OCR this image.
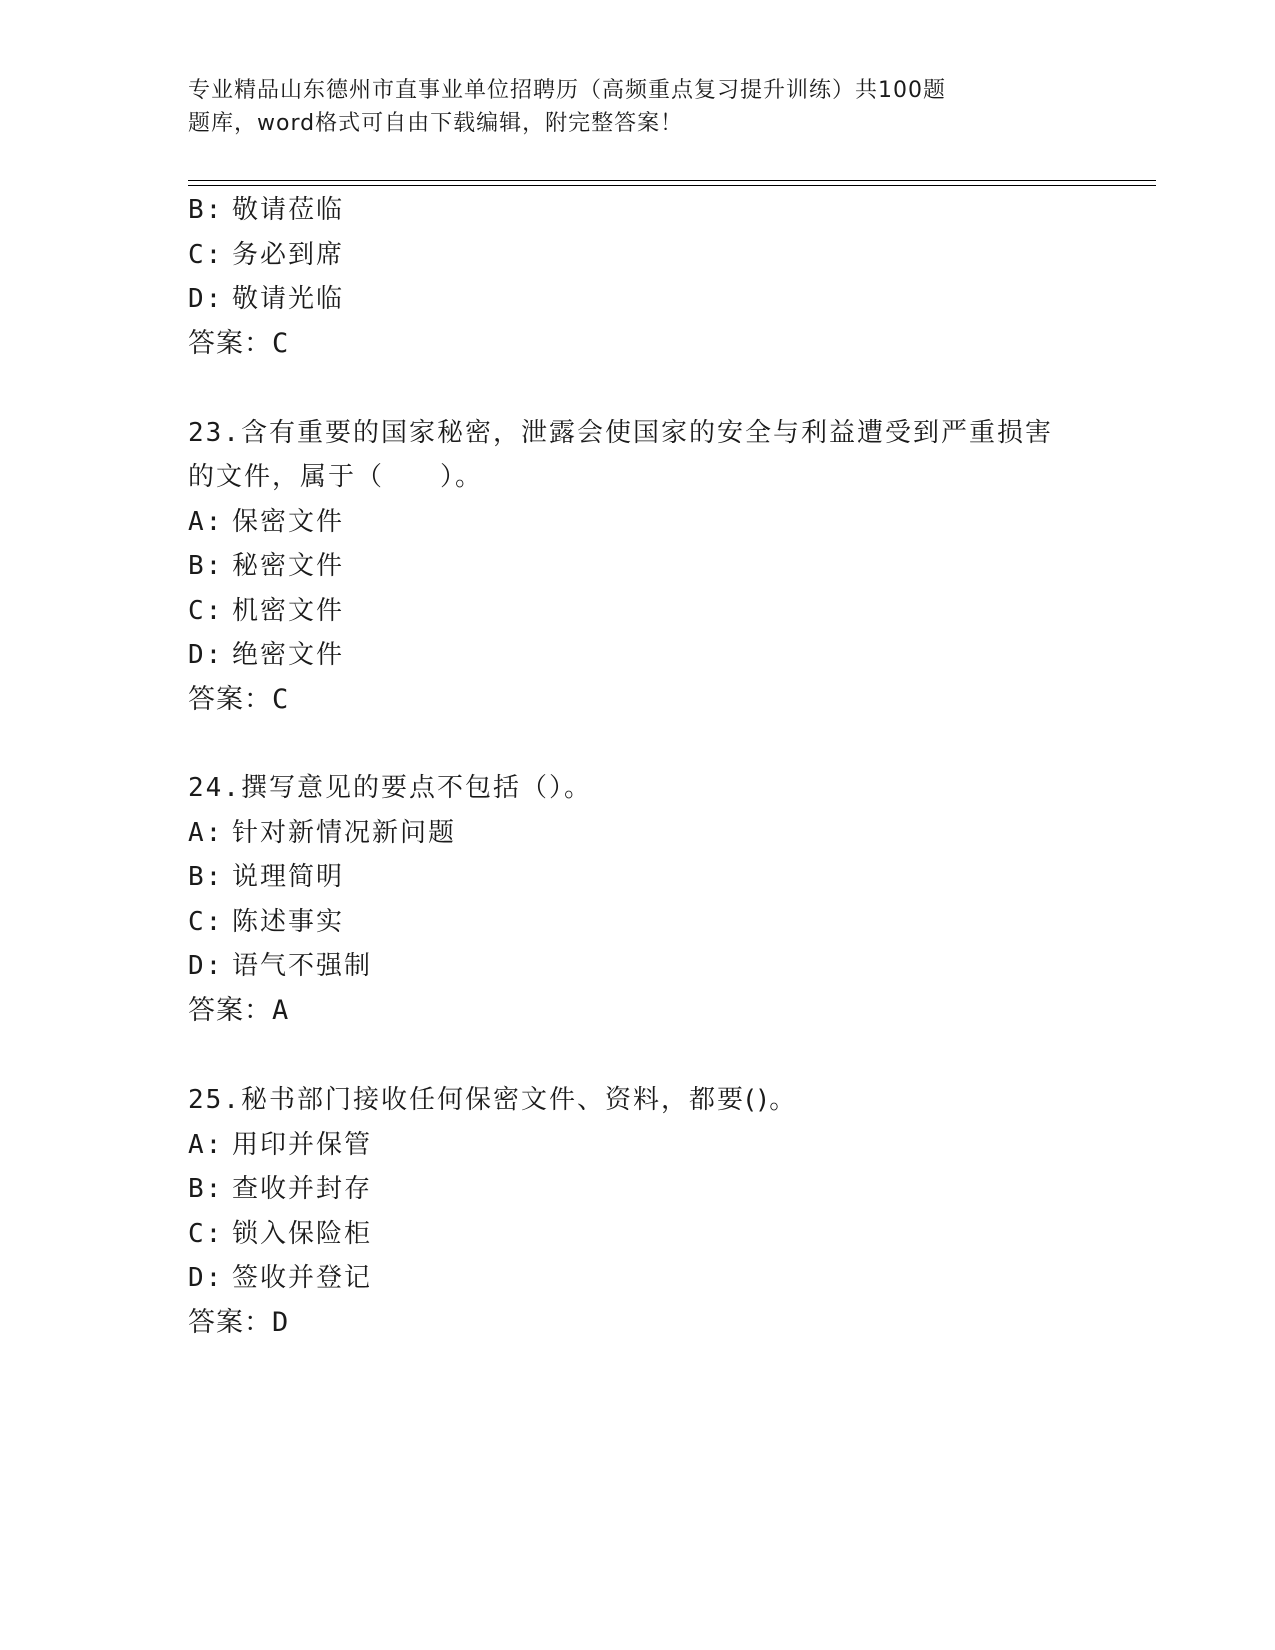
专业精品山东德州市直事业单位招聘历（高频重点复习提升训练）共100题
题库，word格式可自由下载编辑，附完整答案！
B: 敬请莅临
C: 务必到席
D: 敬请光临
答案：C
23.含有重要的国家秘密，泄露会使国家的安全与利益遭受到严重损害
的文件，属于（　　）。
A: 保密文件
B: 秘密文件
C: 机密文件
D: 绝密文件
答案：C
24.撰写意见的要点不包括（）。
A: 针对新情况新问题
B: 说理简明
C: 陈述事实
D: 语气不强制
答案：A
25.秘书部门接收任何保密文件、资料，都要()。
A: 用印并保管
B: 查收并封存
C: 锁入保险柜
D: 签收并登记
答案：D
